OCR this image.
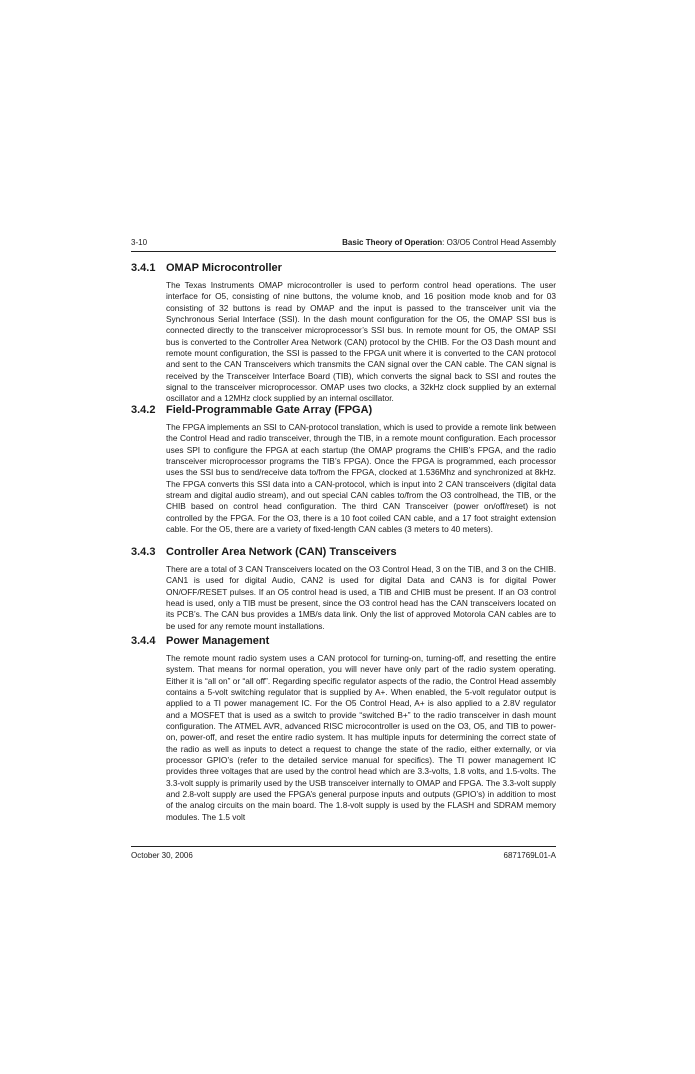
3-10	Basic Theory of Operation: O3/O5 Control Head Assembly
3.4.1 OMAP Microcontroller

The Texas Instruments OMAP microcontroller is used to perform control head operations. The user interface for O5, consisting of nine buttons, the volume knob, and 16 position mode knob and for 03 consisting of 32 buttons is read by OMAP and the input is passed to the transceiver unit via the Synchronous Serial Interface (SSI). In the dash mount configuration for the O5, the OMAP SSI bus is connected directly to the transceiver microprocessor’s SSI bus. In remote mount for O5, the OMAP SSI bus is converted to the Controller Area Network (CAN) protocol by the CHIB. For the O3 Dash mount and remote mount configuration, the SSI is passed to the FPGA unit where it is converted to the CAN protocol and sent to the CAN Transceivers which transmits the CAN signal over the CAN cable. The CAN signal is received by the Transceiver Interface Board (TIB), which converts the signal back to SSI and routes the signal to the transceiver microprocessor. OMAP uses two clocks, a 32kHz clock supplied by an external oscillator and a 12MHz clock supplied by an internal oscillator.

3.4.2 Field-Programmable Gate Array (FPGA)

The FPGA implements an SSI to CAN-protocol translation, which is used to provide a remote link between the Control Head and radio transceiver, through the TIB, in a remote mount configuration. Each processor uses SPI to configure the FPGA at each startup (the OMAP programs the CHIB’s FPGA, and the radio transceiver microprocessor programs the TIB’s FPGA). Once the FPGA is programmed, each processor uses the SSI bus to send/receive data to/from the FPGA, clocked at 1.536Mhz and synchronized at 8kHz. The FPGA converts this SSI data into a CAN-protocol, which is input into 2 CAN transceivers (digital data stream and digital audio stream), and out special CAN cables to/from the O3 controlhead, the TIB, or the CHIB based on control head configuration. The third CAN Transceiver (power on/off/reset) is not controlled by the FPGA. For the O3, there is a 10 foot coiled CAN cable, and a 17 foot straight extension cable. For the O5, there are a variety of fixed-length CAN cables (3 meters to 40 meters).

3.4.3 Controller Area Network (CAN) Transceivers

There are a total of 3 CAN Transceivers located on the O3 Control Head, 3 on the TIB, and 3 on the CHIB. CAN1 is used for digital Audio, CAN2 is used for digital Data and CAN3 is for digital Power ON/OFF/RESET pulses. If an O5 control head is used, a TIB and CHIB must be present. If an O3 control head is used, only a TIB must be present, since the O3 control head has the CAN transceivers located on its PCB’s. The CAN bus provides a 1MB/s data link. Only the list of approved Motorola CAN cables are to be used for any remote mount installations.

3.4.4 Power Management

The remote mount radio system uses a CAN protocol for turning-on, turning-off, and resetting the entire system. That means for normal operation, you will never have only part of the radio system operating. Either it is “all on” or “all off”. Regarding specific regulator aspects of the radio, the Control Head assembly contains a 5-volt switching regulator that is supplied by A+. When enabled, the 5-volt regulator output is applied to a TI power management IC. For the O5 Control Head, A+ is also applied to a 2.8V regulator and a MOSFET that is used as a switch to provide “switched B+” to the radio transceiver in dash mount configuration. The ATMEL AVR, advanced RISC microcontroller is used on the O3, O5, and TIB to power-on, power-off, and reset the entire radio system. It has multiple inputs for determining the correct state of the radio as well as inputs to detect a request to change the state of the radio, either externally, or via processor GPIO’s (refer to the detailed service manual for specifics). The TI power management IC provides three voltages that are used by the control head which are 3.3-volts, 1.8 volts, and 1.5-volts. The 3.3-volt supply is primarily used by the USB transceiver internally to OMAP and FPGA. The 3.3-volt supply and 2.8-volt supply are used the FPGA’s general purpose inputs and outputs (GPIO’s) in addition to most of the analog circuits on the main board. The 1.8-volt supply is used by the FLASH and SDRAM memory modules. The 1.5 volt

October 30, 2006	6871769L01-A
